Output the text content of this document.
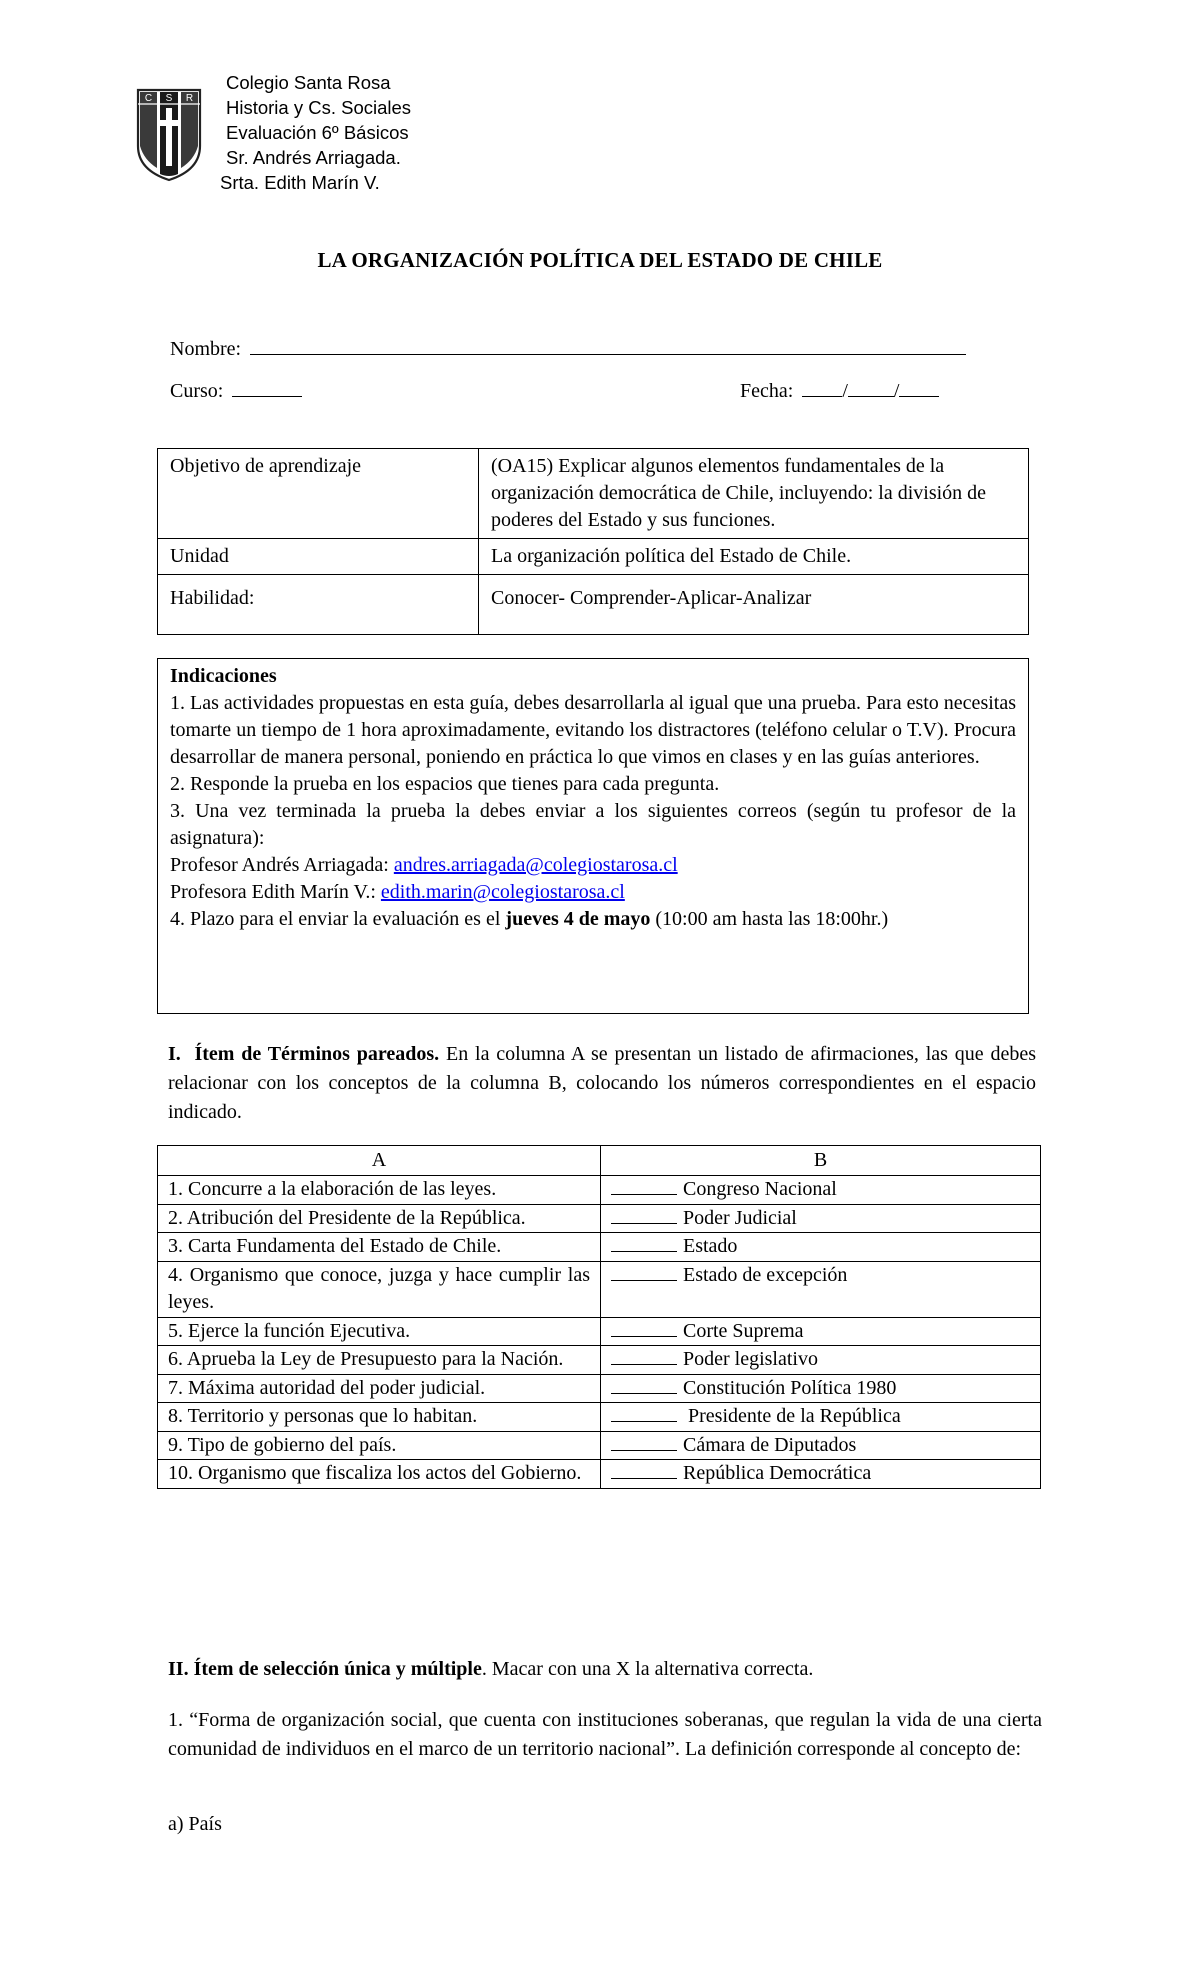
C S R
Colegio Santa Rosa
Historia y Cs. Sociales
Evaluación 6º Básicos
Sr. Andrés Arriagada.
Srta. Edith Marín V.
LA ORGANIZACIÓN POLÍTICA DEL ESTADO DE CHILE
Nombre:
Curso:	Fecha: / /
Objetivo de aprendizaje	(OA15) Explicar algunos elementos fundamentales de la organización democrática de Chile, incluyendo: la división de poderes del Estado y sus funciones.
Unidad	La organización política del Estado de Chile.
Habilidad:	Conocer- Comprender-Aplicar-Analizar

Indicaciones

1. Las actividades propuestas en esta guía, debes desarrollarla al igual que una prueba. Para esto necesitas tomarte un tiempo de 1 hora aproximadamente, evitando los distractores (teléfono celular o T.V). Procura desarrollar de manera personal, poniendo en práctica lo que vimos en clases y en las guías anteriores.

2. Responde la prueba en los espacios que tienes para cada pregunta.

3. Una vez terminada la prueba la debes enviar a los siguientes correos (según tu profesor de la asignatura):

Profesor Andrés Arriagada: andres.arriagada@colegiostarosa.cl

Profesora Edith Marín V.: edith.marin@colegiostarosa.cl

4. Plazo para el enviar la evaluación es el jueves 4 de mayo (10:00 am hasta las 18:00hr.)

I. Ítem de Términos pareados. En la columna A se presentan un listado de afirmaciones, las que debes relacionar con los conceptos de la columna B, colocando los números correspondientes en el espacio indicado.
A	B
1. Concurre a la elaboración de las leyes.	Congreso Nacional
2. Atribución del Presidente de la República.	Poder Judicial
3. Carta Fundamenta del Estado de Chile.	Estado
4. Organismo que conoce, juzga y hace cumplir las leyes.	Estado de excepción
5. Ejerce la función Ejecutiva.	Corte Suprema
6. Aprueba la Ley de Presupuesto para la Nación.	Poder legislativo
7. Máxima autoridad del poder judicial.	Constitución Política 1980
8. Territorio y personas que lo habitan.	Presidente de la República
9. Tipo de gobierno del país.	Cámara de Diputados
10. Organismo que fiscaliza los actos del Gobierno.	República Democrática
II. Ítem de selección única y múltiple. Macar con una X la alternativa correcta.
1. “Forma de organización social, que cuenta con instituciones soberanas, que regulan la vida de una cierta comunidad de individuos en el marco de un territorio nacional”. La definición corresponde al concepto de:
a) País
